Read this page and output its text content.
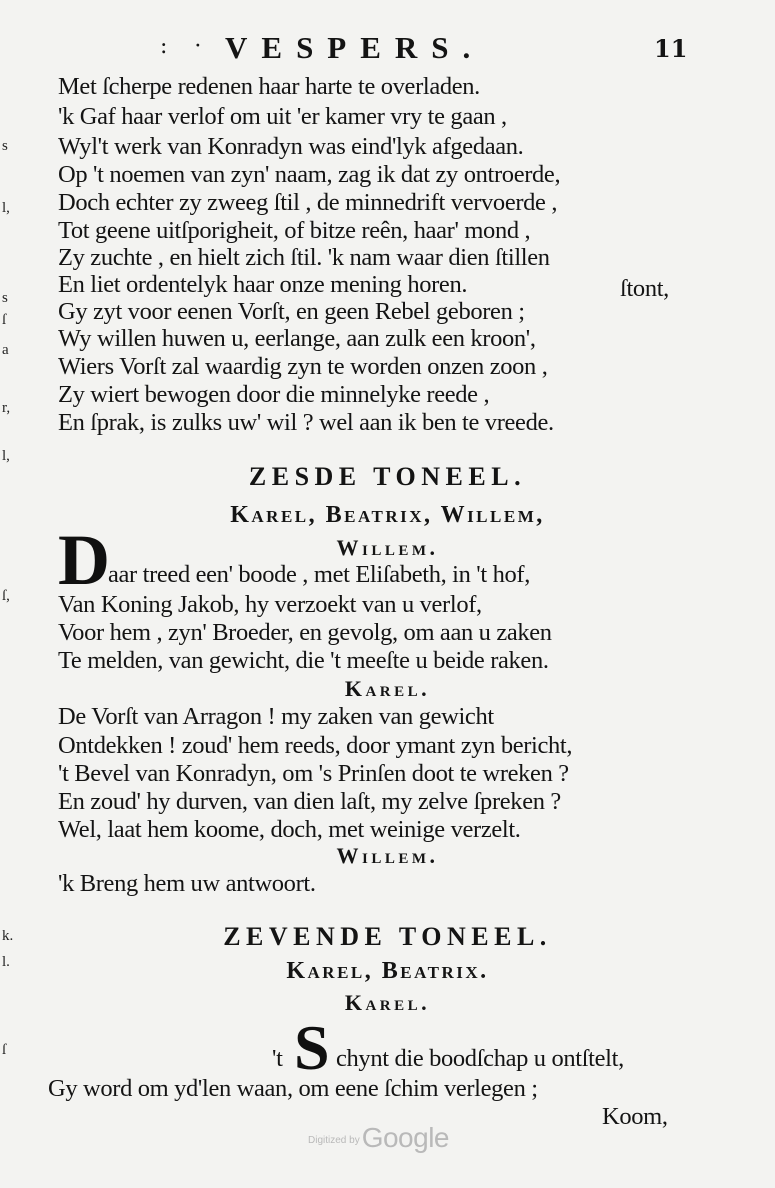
: · VESPERS.	11
Met ſcherpe redenen haar harte te overladen.
'k Gaf haar verlof om uit 'er kamer vry te gaan ,
Wyl't werk van Konradyn was eind'lyk afgedaan.
Op 't noemen van zyn' naam, zag ik dat zy ontroerde,
Doch echter zy zweeg ſtil , de minnedrift vervoerde ,
Tot geene uitſporigheit, of bitze reên, haar' mond ,
Zy zuchte , en hielt zich ſtil. 'k nam waar dien ſtillen
En liet ordentelyk haar onze mening horen.	ſtont,
Gy zyt voor eenen Vorſt, en geen Rebel geboren ;
Wy willen huwen u, eerlange, aan zulk een kroon',
Wiers Vorſt zal waardig zyn te worden onzen zoon ,
Zy wiert bewogen door die minnelyke reede ,
En ſprak, is zulks uw' wil ? wel aan ik ben te vreede.
ZESDE TONEEL.
Karel, Beatrix, Willem,
Willem.
D
aar treed een' boode , met Eliſabeth, in 't hof,
Van Koning Jakob, hy verzoekt van u verlof,
Voor hem , zyn' Broeder, en gevolg, om aan u zaken
Te melden, van gewicht, die 't meeſte u beide raken.
Karel.
De Vorſt van Arragon ! my zaken van gewicht
Ontdekken ! zoud' hem reeds, door ymant zyn bericht,
't Bevel van Konradyn, om 's Prinſen doot te wreken ?
En zoud' hy durven, van dien laſt, my zelve ſpreken ?
Wel, laat hem koome, doch, met weinige verzelt.
Willem.
'k Breng hem uw antwoort.
ZEVENDE TONEEL.
Karel, Beatrix.
Karel.
't S chynt die boodſchap u ontſtelt,
Gy word om yd'len waan, om eene ſchim verlegen ;
Koom,
s
l,
s
ſ
a
r,
l,
ſ,
k.
l.
ſ
$^{Digitized by}$Google
